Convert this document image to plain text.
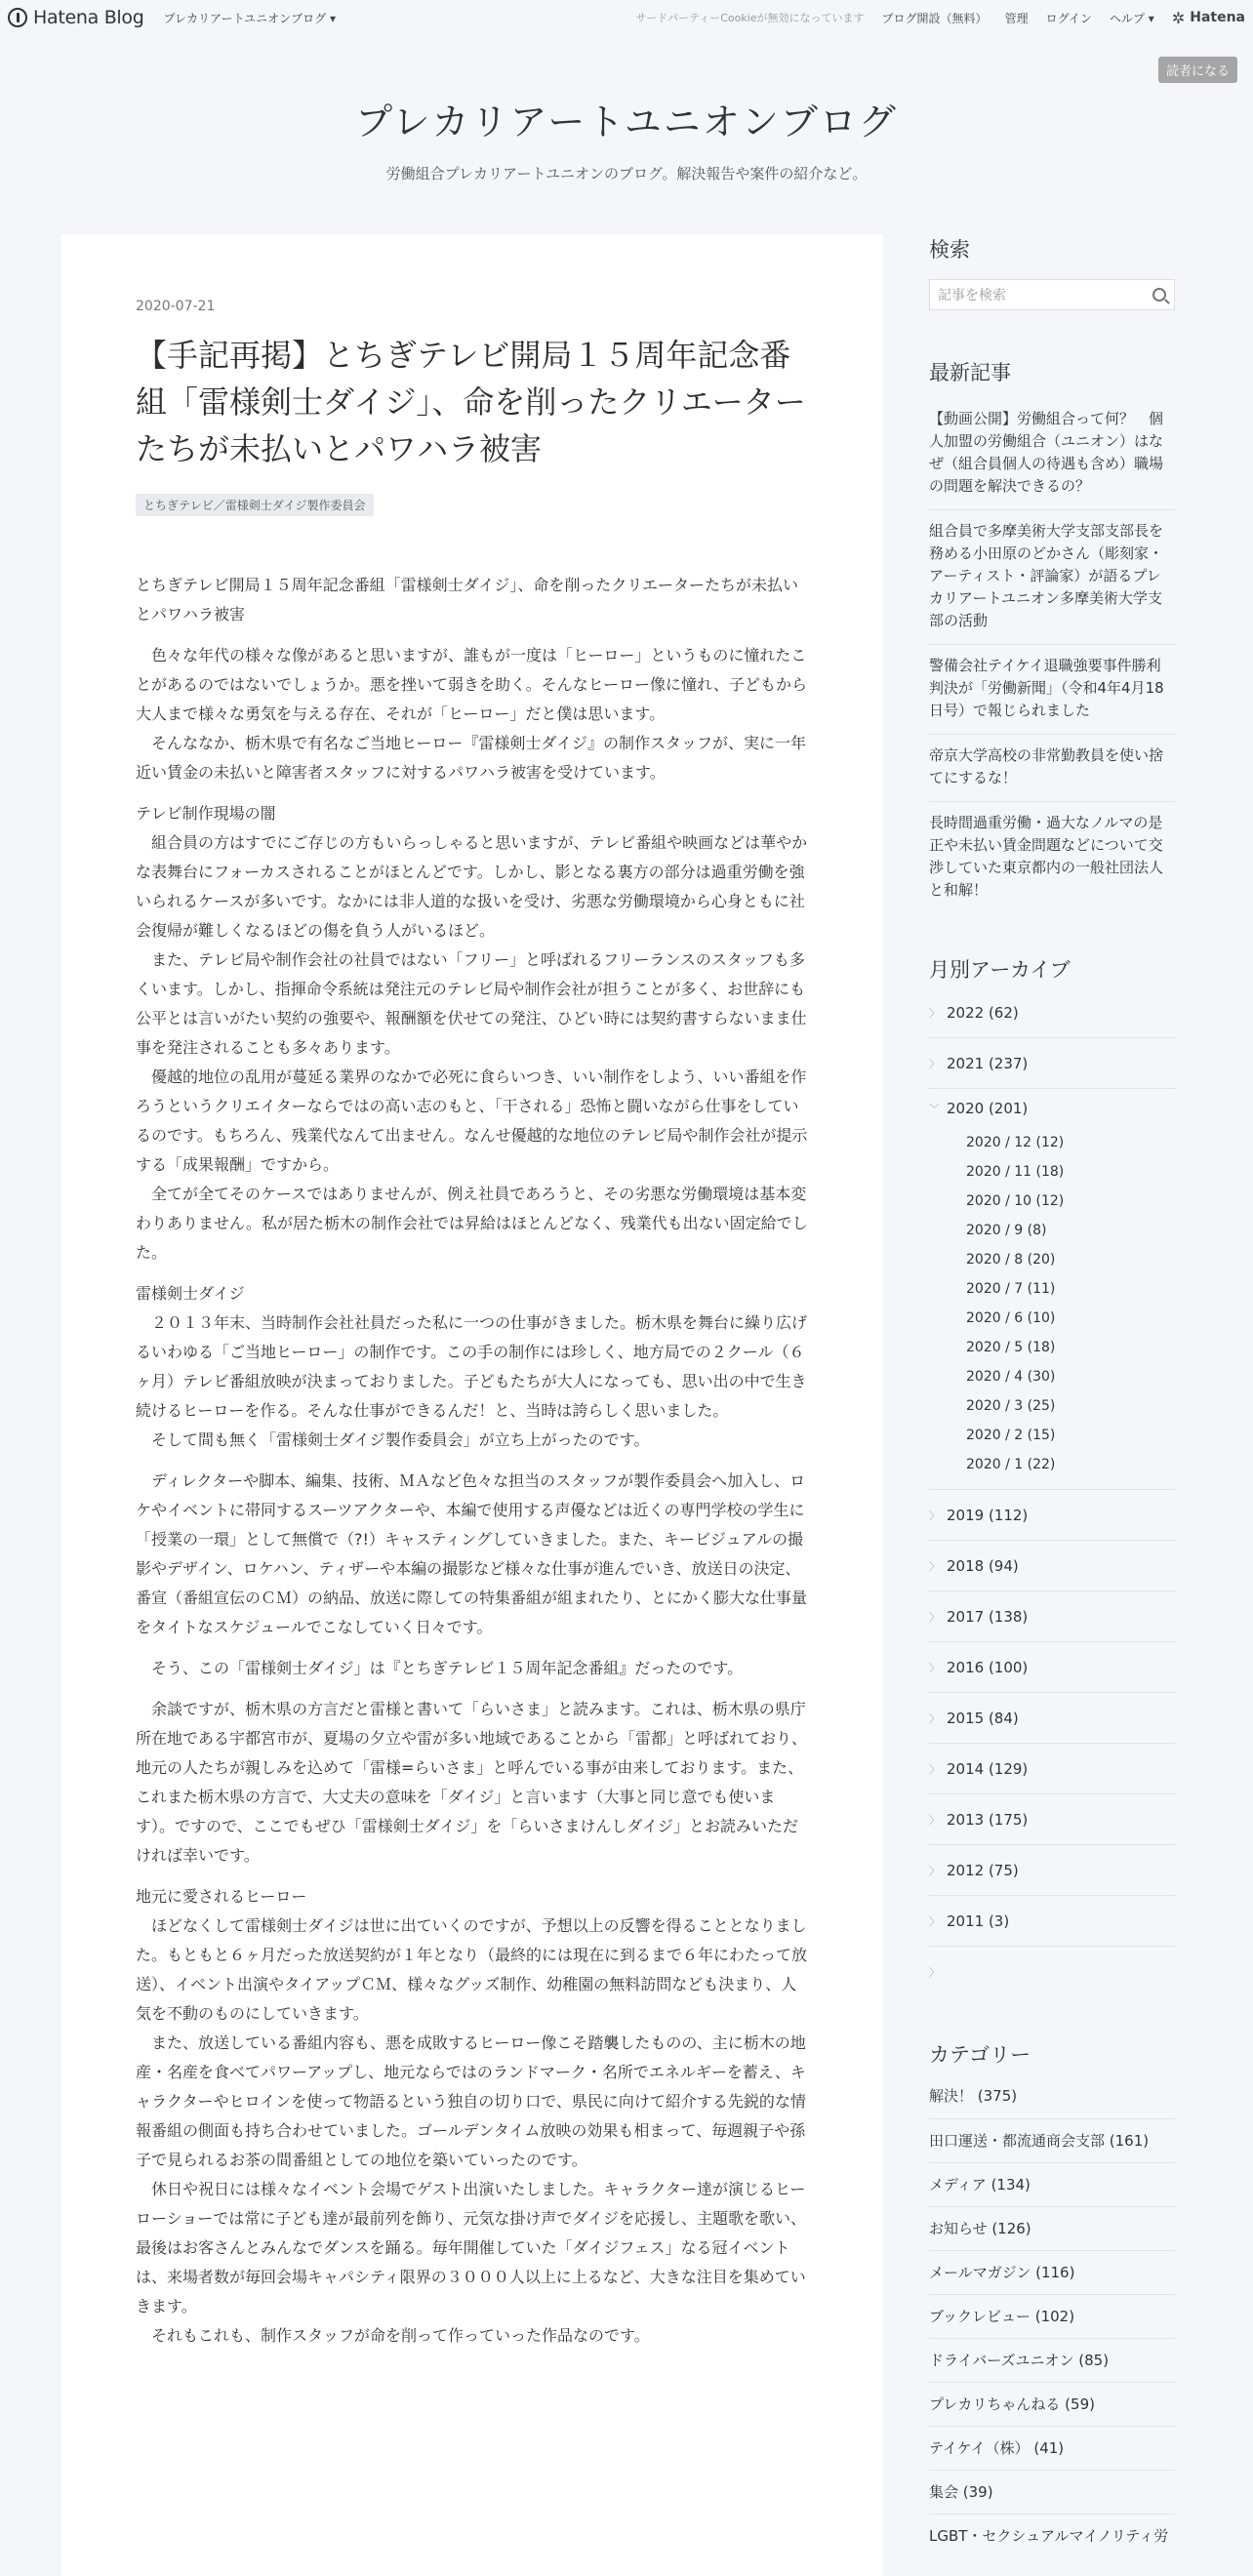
Hatena Blog プレカリアートユニオンブログ ▾	サードパーティーCookieが無効になっています ブログ開設（無料） 管理 ログイン ヘルプ ▾ ✲ Hatena
読者になる
プレカリアートユニオンブログ

労働組合プレカリアートユニオンのブログ。解決報告や案件の紹介など。

2020-07-21
【手記再掲】とちぎテレビ開局１５周年記念番組「雷様剣士ダイジ」、命を削ったクリエーターたちが未払いとパワハラ被害
とちぎテレビ／雷様剣士ダイジ製作委員会

とちぎテレビ開局１５周年記念番組「雷様剣士ダイジ」、命を削ったクリエーターたちが未払いとパワハラ被害

色々な年代の様々な像があると思いますが、誰もが一度は「ヒーロー」というものに憧れたことがあるのではないでしょうか。悪を挫いて弱きを助く。そんなヒーロー像に憧れ、子どもから大人まで様々な勇気を与える存在、それが「ヒーロー」だと僕は思います。

そんななか、栃木県で有名なご当地ヒーロー『雷様剣士ダイジ』の制作スタッフが、実に一年近い賃金の未払いと障害者スタッフに対するパワハラ被害を受けています。

テレビ制作現場の闇

組合員の方はすでにご存じの方もいらっしゃると思いますが、テレビ番組や映画などは華やかな表舞台にフォーカスされることがほとんどです。しかし、影となる裏方の部分は過重労働を強いられるケースが多いです。なかには非人道的な扱いを受け、劣悪な労働環境から心身ともに社会復帰が難しくなるほどの傷を負う人がいるほど。

また、テレビ局や制作会社の社員ではない「フリー」と呼ばれるフリーランスのスタッフも多くいます。しかし、指揮命令系統は発注元のテレビ局や制作会社が担うことが多く、お世辞にも公平とは言いがたい契約の強要や、報酬額を伏せての発注、ひどい時には契約書すらないまま仕事を発注されることも多々あります。

優越的地位の乱用が蔓延る業界のなかで必死に食らいつき、いい制作をしよう、いい番組を作ろうというクリエイターならではの高い志のもと、「干される」恐怖と闘いながら仕事をしているのです。もちろん、残業代なんて出ません。なんせ優越的な地位のテレビ局や制作会社が提示する「成果報酬」ですから。

全てが全てそのケースではありませんが、例え社員であろうと、その劣悪な労働環境は基本変わりありません。私が居た栃木の制作会社では昇給はほとんどなく、残業代も出ない固定給でした。

雷様剣士ダイジ

２０１３年末、当時制作会社社員だった私に一つの仕事がきました。栃木県を舞台に繰り広げるいわゆる「ご当地ヒーロー」の制作です。この手の制作には珍しく、地方局での２クール（６ヶ月）テレビ番組放映が決まっておりました。子どもたちが大人になっても、思い出の中で生き続けるヒーローを作る。そんな仕事ができるんだ！と、当時は誇らしく思いました。

そして間も無く「雷様剣士ダイジ製作委員会」が立ち上がったのです。

ディレクターや脚本、編集、技術、ＭＡなど色々な担当のスタッフが製作委員会へ加入し、ロケやイベントに帯同するスーツアクターや、本編で使用する声優などは近くの専門学校の学生に「授業の一環」として無償で（?!）キャスティングしていきました。また、キービジュアルの撮影やデザイン、ロケハン、ティザーや本編の撮影など様々な仕事が進んでいき、放送日の決定、番宣（番組宣伝のＣＭ）の納品、放送に際しての特集番組が組まれたり、とにかく膨大な仕事量をタイトなスケジュールでこなしていく日々です。

そう、この「雷様剣士ダイジ」は『とちぎテレビ１５周年記念番組』だったのです。

余談ですが、栃木県の方言だと雷様と書いて「らいさま」と読みます。これは、栃木県の県庁所在地である宇都宮市が、夏場の夕立や雷が多い地域であることから「雷都」と呼ばれており、地元の人たちが親しみを込めて「雷様=らいさま」と呼んでいる事が由来しております。また、これまた栃木県の方言で、大丈夫の意味を「ダイジ」と言います（大事と同じ意でも使います）。ですので、ここでもぜひ「雷様剣士ダイジ」を「らいさまけんしダイジ」とお読みいただければ幸いです。

地元に愛されるヒーロー

ほどなくして雷様剣士ダイジは世に出ていくのですが、予想以上の反響を得ることとなりました。もともと６ヶ月だった放送契約が１年となり（最終的には現在に到るまで６年にわたって放送）、イベント出演やタイアップＣＭ、様々なグッズ制作、幼稚園の無料訪問なども決まり、人気を不動のものにしていきます。

また、放送している番組内容も、悪を成敗するヒーロー像こそ踏襲したものの、主に栃木の地産・名産を食べてパワーアップし、地元ならではのランドマーク・名所でエネルギーを蓄え、キャラクターやヒロインを使って物語るという独自の切り口で、県民に向けて紹介する先鋭的な情報番組の側面も持ち合わせていました。ゴールデンタイム放映の効果も相まって、毎週親子や孫子で見られるお茶の間番組としての地位を築いていったのです。

休日や祝日には様々なイベント会場でゲスト出演いたしました。キャラクター達が演じるヒーローショーでは常に子ども達が最前列を飾り、元気な掛け声でダイジを応援し、主題歌を歌い、最後はお客さんとみんなでダンスを踊る。毎年開催していた「ダイジフェス」なる冠イベントは、来場者数が毎回会場キャパシティ限界の３０００人以上に上るなど、大きな注目を集めていきます。

それもこれも、制作スタッフが命を削って作っていった作品なのです。

検索
記事を検索
最新記事
【動画公開】労働組合って何？　個人加盟の労働組合（ユニオン）はなぜ（組合員個人の待遇も含め）職場の問題を解決できるの？
組合員で多摩美術大学支部支部長を務める小田原のどかさん（彫刻家・アーティスト・評論家）が語るプレカリアートユニオン多摩美術大学支部の活動
警備会社テイケイ退職強要事件勝利判決が「労働新聞」（令和4年4月18日号）で報じられました
帝京大学高校の非常勤教員を使い捨てにするな！
長時間過重労働・過大なノルマの是正や未払い賃金問題などについて交渉していた東京都内の一般社団法人と和解！
月別アーカイブ
〉 2022 (62)
〉 2021 (237)
﹀ 2020 (201)
2020 / 12 (12)
2020 / 11 (18)
2020 / 10 (12)
2020 / 9 (8)
2020 / 8 (20)
2020 / 7 (11)
2020 / 6 (10)
2020 / 5 (18)
2020 / 4 (30)
2020 / 3 (25)
2020 / 2 (15)
2020 / 1 (22)
〉 2019 (112)
〉 2018 (94)
〉 2017 (138)
〉 2016 (100)
〉 2015 (84)
〉 2014 (129)
〉 2013 (175)
〉 2012 (75)
〉 2011 (3)
〉
カテゴリー
解決！ (375)
田口運送・都流通商会支部 (161)
メディア (134)
お知らせ (126)
メールマガジン (116)
ブックレビュー (102)
ドライバーズユニオン (85)
プレカリちゃんねる (59)
テイケイ（株） (41)
集会 (39)
LGBT・セクシュアルマイノリティ労
